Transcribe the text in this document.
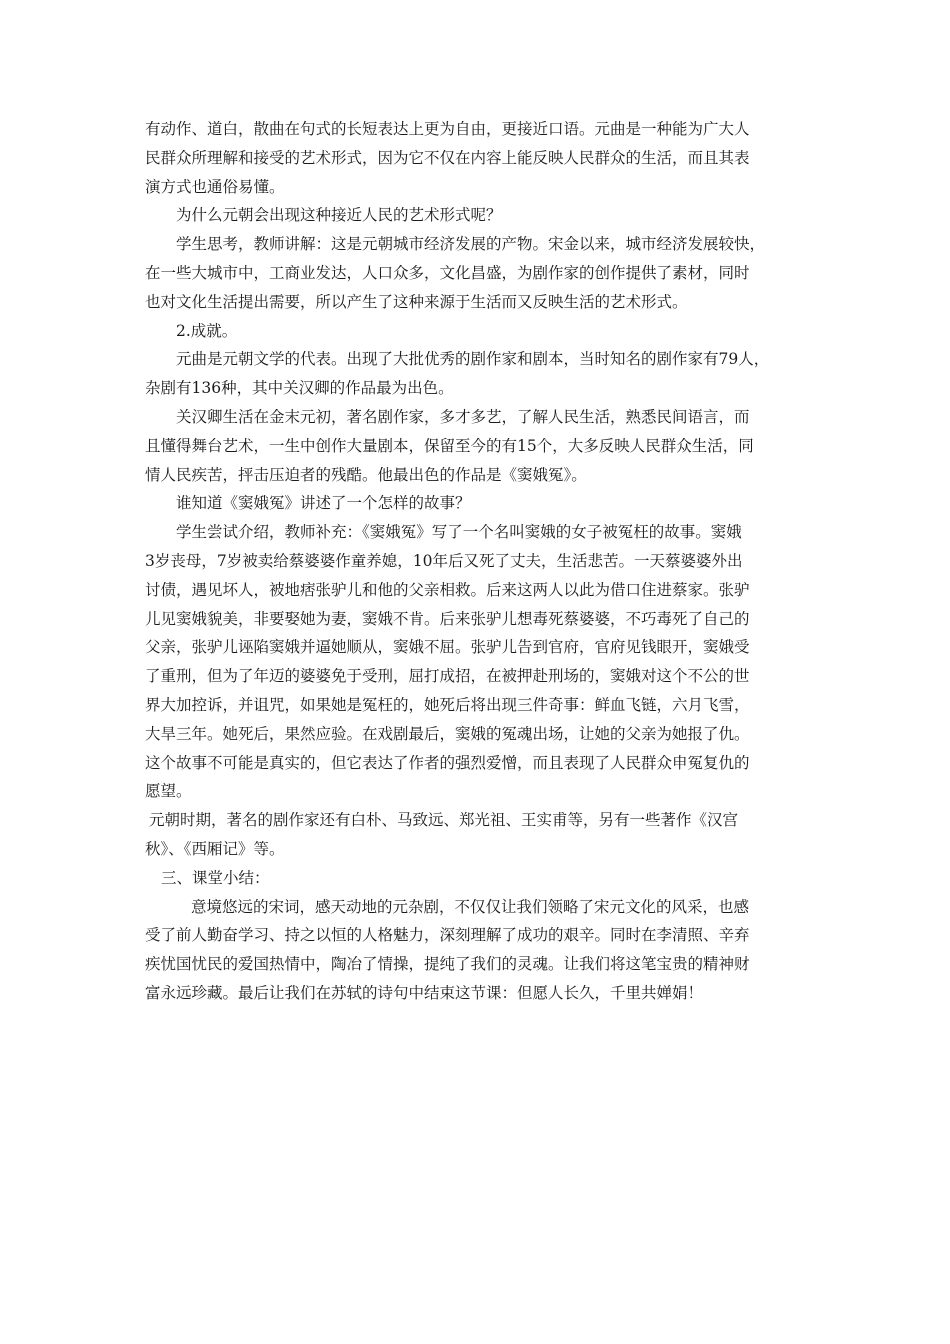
有动作、道白，散曲在句式的长短表达上更为自由，更接近口语。元曲是一种能为广大人
民群众所理解和接受的艺术形式，因为它不仅在内容上能反映人民群众的生活，而且其表
演方式也通俗易懂。
为什么元朝会出现这种接近人民的艺术形式呢？
学生思考，教师讲解：这是元朝城市经济发展的产物。宋金以来，城市经济发展较快，
在一些大城市中，工商业发达，人口众多，文化昌盛，为剧作家的创作提供了素材，同时
也对文化生活提出需要，所以产生了这种来源于生活而又反映生活的艺术形式。
2.成就。
元曲是元朝文学的代表。出现了大批优秀的剧作家和剧本，当时知名的剧作家有79人，
杂剧有136种，其中关汉卿的作品最为出色。
关汉卿生活在金末元初，著名剧作家，多才多艺，了解人民生活，熟悉民间语言，而
且懂得舞台艺术，一生中创作大量剧本，保留至今的有15个，大多反映人民群众生活，同
情人民疾苦，抨击压迫者的残酷。他最出色的作品是《窦娥冤》。
谁知道《窦娥冤》讲述了一个怎样的故事？
学生尝试介绍，教师补充：《窦娥冤》写了一个名叫窦娥的女子被冤枉的故事。窦娥
3岁丧母，7岁被卖给蔡婆婆作童养媳，10年后又死了丈夫，生活悲苦。一天蔡婆婆外出
讨债，遇见坏人，被地痞张驴儿和他的父亲相救。后来这两人以此为借口住进蔡家。张驴
儿见窦娥貌美，非要娶她为妻，窦娥不肯。后来张驴儿想毒死蔡婆婆，不巧毒死了自己的
父亲，张驴儿诬陷窦娥并逼她顺从，窦娥不屈。张驴儿告到官府，官府见钱眼开，窦娥受
了重刑，但为了年迈的婆婆免于受刑，屈打成招，在被押赴刑场的，窦娥对这个不公的世
界大加控诉，并诅咒，如果她是冤枉的，她死后将出现三件奇事：鲜血飞链，六月飞雪，
大旱三年。她死后，果然应验。在戏剧最后，窦娥的冤魂出场，让她的父亲为她报了仇。
这个故事不可能是真实的，但它表达了作者的强烈爱憎，而且表现了人民群众申冤复仇的
愿望。
元朝时期，著名的剧作家还有白朴、马致远、郑光祖、王实甫等，另有一些著作《汉宫
秋》、《西厢记》等。
三、课堂小结：
意境悠远的宋词，感天动地的元杂剧，不仅仅让我们领略了宋元文化的风采，也感
受了前人勤奋学习、持之以恒的人格魅力，深刻理解了成功的艰辛。同时在李清照、辛弃
疾忧国忧民的爱国热情中，陶冶了情操，提纯了我们的灵魂。让我们将这笔宝贵的精神财
富永远珍藏。最后让我们在苏轼的诗句中结束这节课：但愿人长久，千里共婵娟！
